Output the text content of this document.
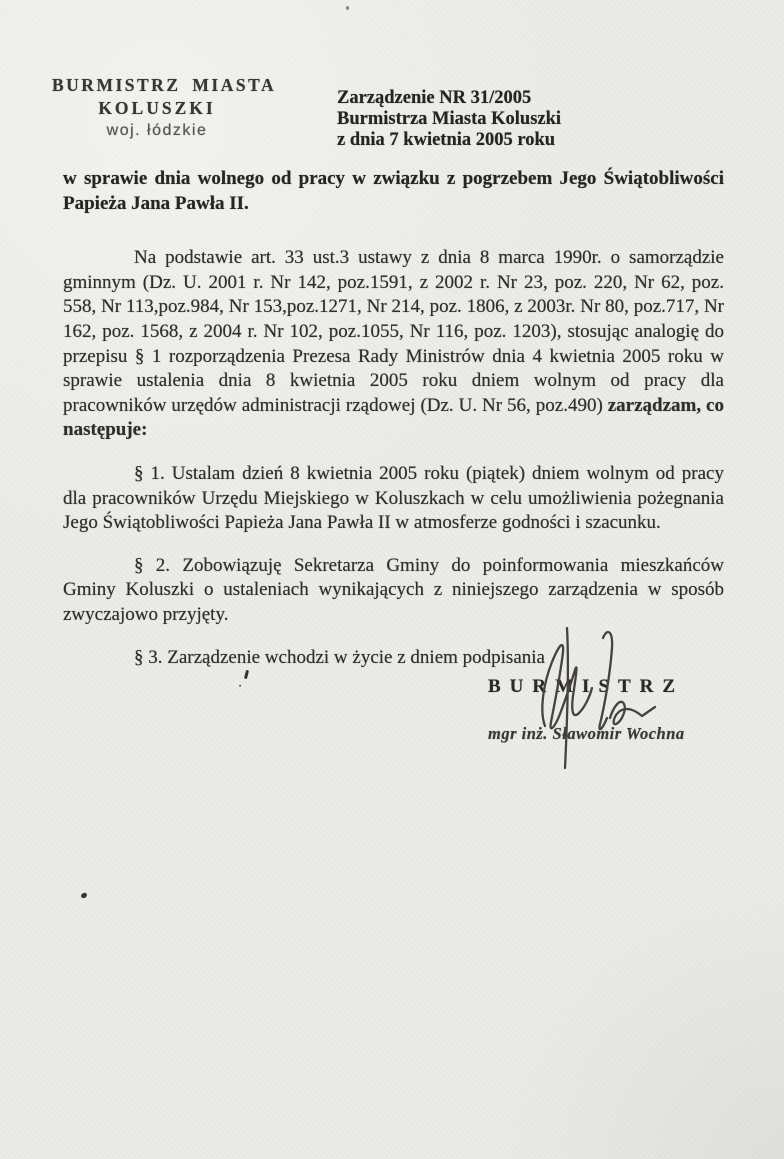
BURMISTRZ MIASTA
KOLUSZKI
woj. łódzkie
Zarządzenie NR 31/2005
Burmistrza Miasta Koluszki
z dnia 7 kwietnia 2005 roku

w sprawie dnia wolnego od pracy w związku z pogrzebem Jego Świątobliwości Papieża Jana Pawła II.

Na podstawie art. 33 ust.3 ustawy z dnia 8 marca 1990r. o samorządzie gminnym (Dz. U. 2001 r. Nr 142, poz.1591, z 2002 r. Nr 23, poz. 220, Nr 62, poz. 558, Nr 113,poz.984, Nr 153,poz.1271, Nr 214, poz. 1806, z 2003r. Nr 80, poz.717, Nr 162, poz. 1568, z 2004 r. Nr 102, poz.1055, Nr 116, poz. 1203), stosując analogię do przepisu § 1 rozporządzenia Prezesa Rady Ministrów dnia 4 kwietnia 2005 roku w sprawie ustalenia dnia 8 kwietnia 2005 roku dniem wolnym od pracy dla pracowników urzędów administracji rządowej (Dz. U. Nr 56, poz.490) zarządzam, co następuje:

§ 1. Ustalam dzień 8 kwietnia 2005 roku (piątek) dniem wolnym od pracy dla pracowników Urzędu Miejskiego w Koluszkach w celu umożliwienia pożegnania Jego Świątobliwości Papieża Jana Pawła II w atmosferze godności i szacunku.

§ 2. Zobowiązuję Sekretarza Gminy do poinformowania mieszkańców Gminy Koluszki o ustaleniach wynikających z niniejszego zarządzenia w sposób zwyczajowo przyjęty.

§ 3. Zarządzenie wchodzi w życie z dniem podpisania

BURMISTRZ
mgr inż. Sławomir Wochna
